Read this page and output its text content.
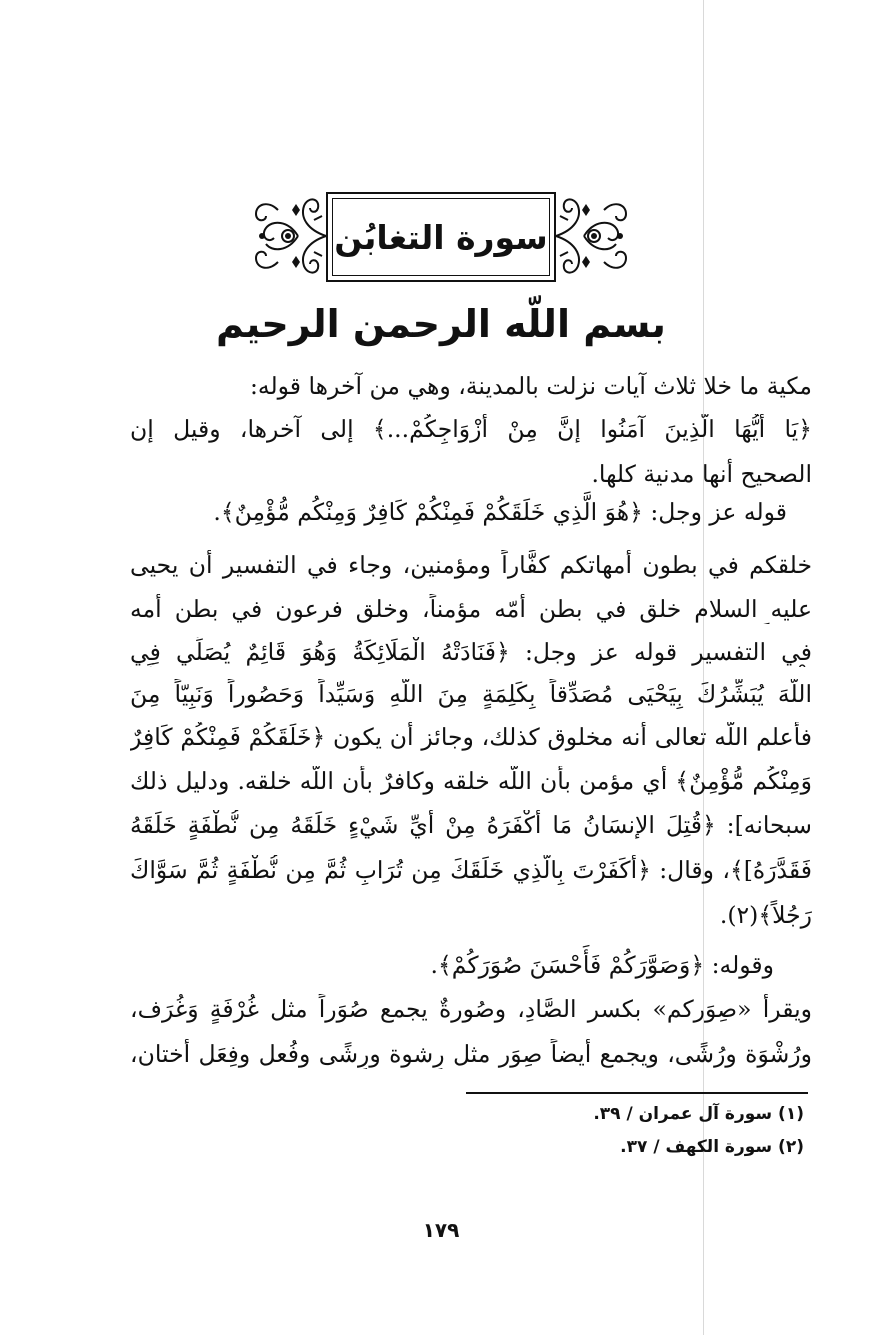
سورة التغابُن
بسم اللّه الرحمن الرحيم
مكية ما خلا ثلاث آيات نزلت بالمدينة، وهي من آخرها قوله:
﴿يَا أَيُّهَا الَّذِينَ آمَنُوا إِنَّ مِنْ أَزْوَاجِكُمْ...﴾ إلى آخرها، وقيل إن
الصحيح أنها مدنية كلها.
قوله عز وجل: ﴿هُوَ الَّذِي خَلَقَكُمْ فَمِنْكُمْ كَافِرٌ وَمِنْكُم مُّؤْمِنٌ﴾.
خلقكم في بطون أمهاتكم كفَّاراً ومؤمنين، وجاء في التفسير أن يحيى
عليه السلام خلق في بطن أُمّه مؤمناً، وخلق فرعون في بطن أمه
في التفسير قوله عز وجل: ﴿فَنَادَتْهُ الْمَلَائِكَةُ وَهُوَ قَائِمٌ يُصَلِّي فِي
اللَّهَ يُبَشِّرُكَ بِيَحْيَى مُصَدِّقاً بِكَلِمَةٍ مِنَ اللَّهِ وَسَيِّداً وَحَصُوراً وَنَبِيّاً مِنَ
فأعلم اللّه تعالى أنه مخلوق كذلك، وجائز أن يكون ﴿خَلَقَكُمْ فَمِنْكُمْ كَافِرٌ
وَمِنْكُم مُّؤْمِنٌ﴾ أي مؤمن بأن اللّه خلقه وكافرٌ بأن اللّه خلقه. ودليل ذلك
سبحانه]: ﴿قُتِلَ الإِنسَانُ مَا أَكْفَرَهُ مِنْ أَيِّ شَيْءٍ خَلَقَهُ مِن نُّطْفَةٍ خَلَقَهُ
فَقَدَّرَهُ]﴾، وقال: ﴿أَكَفَرْتَ بِالَّذِي خَلَقَكَ مِن تُرَابٍ ثُمَّ مِن نُّطْفَةٍ ثُمَّ سَوَّاكَ
رَجُلاً﴾(٢).
وقوله: ﴿وَصَوَّرَكُمْ فَأَحْسَنَ صُوَرَكُمْ﴾.
ويقرأ «صِوَركم» بكسر الصَّادِ، وصُورةٌ يجمع صُوَراً مثل غُرْفَةٍ وَغُرَف،
ورُشْوَة ورُشًى، ويجمع أيضاً صِوَر مثل رِشوة ورِشًى وفُعل وفِعَل أختان،
(١) سورة آل عمران / ٣٩.
(٢) سورة الكهف / ٣٧.
١٧٩
